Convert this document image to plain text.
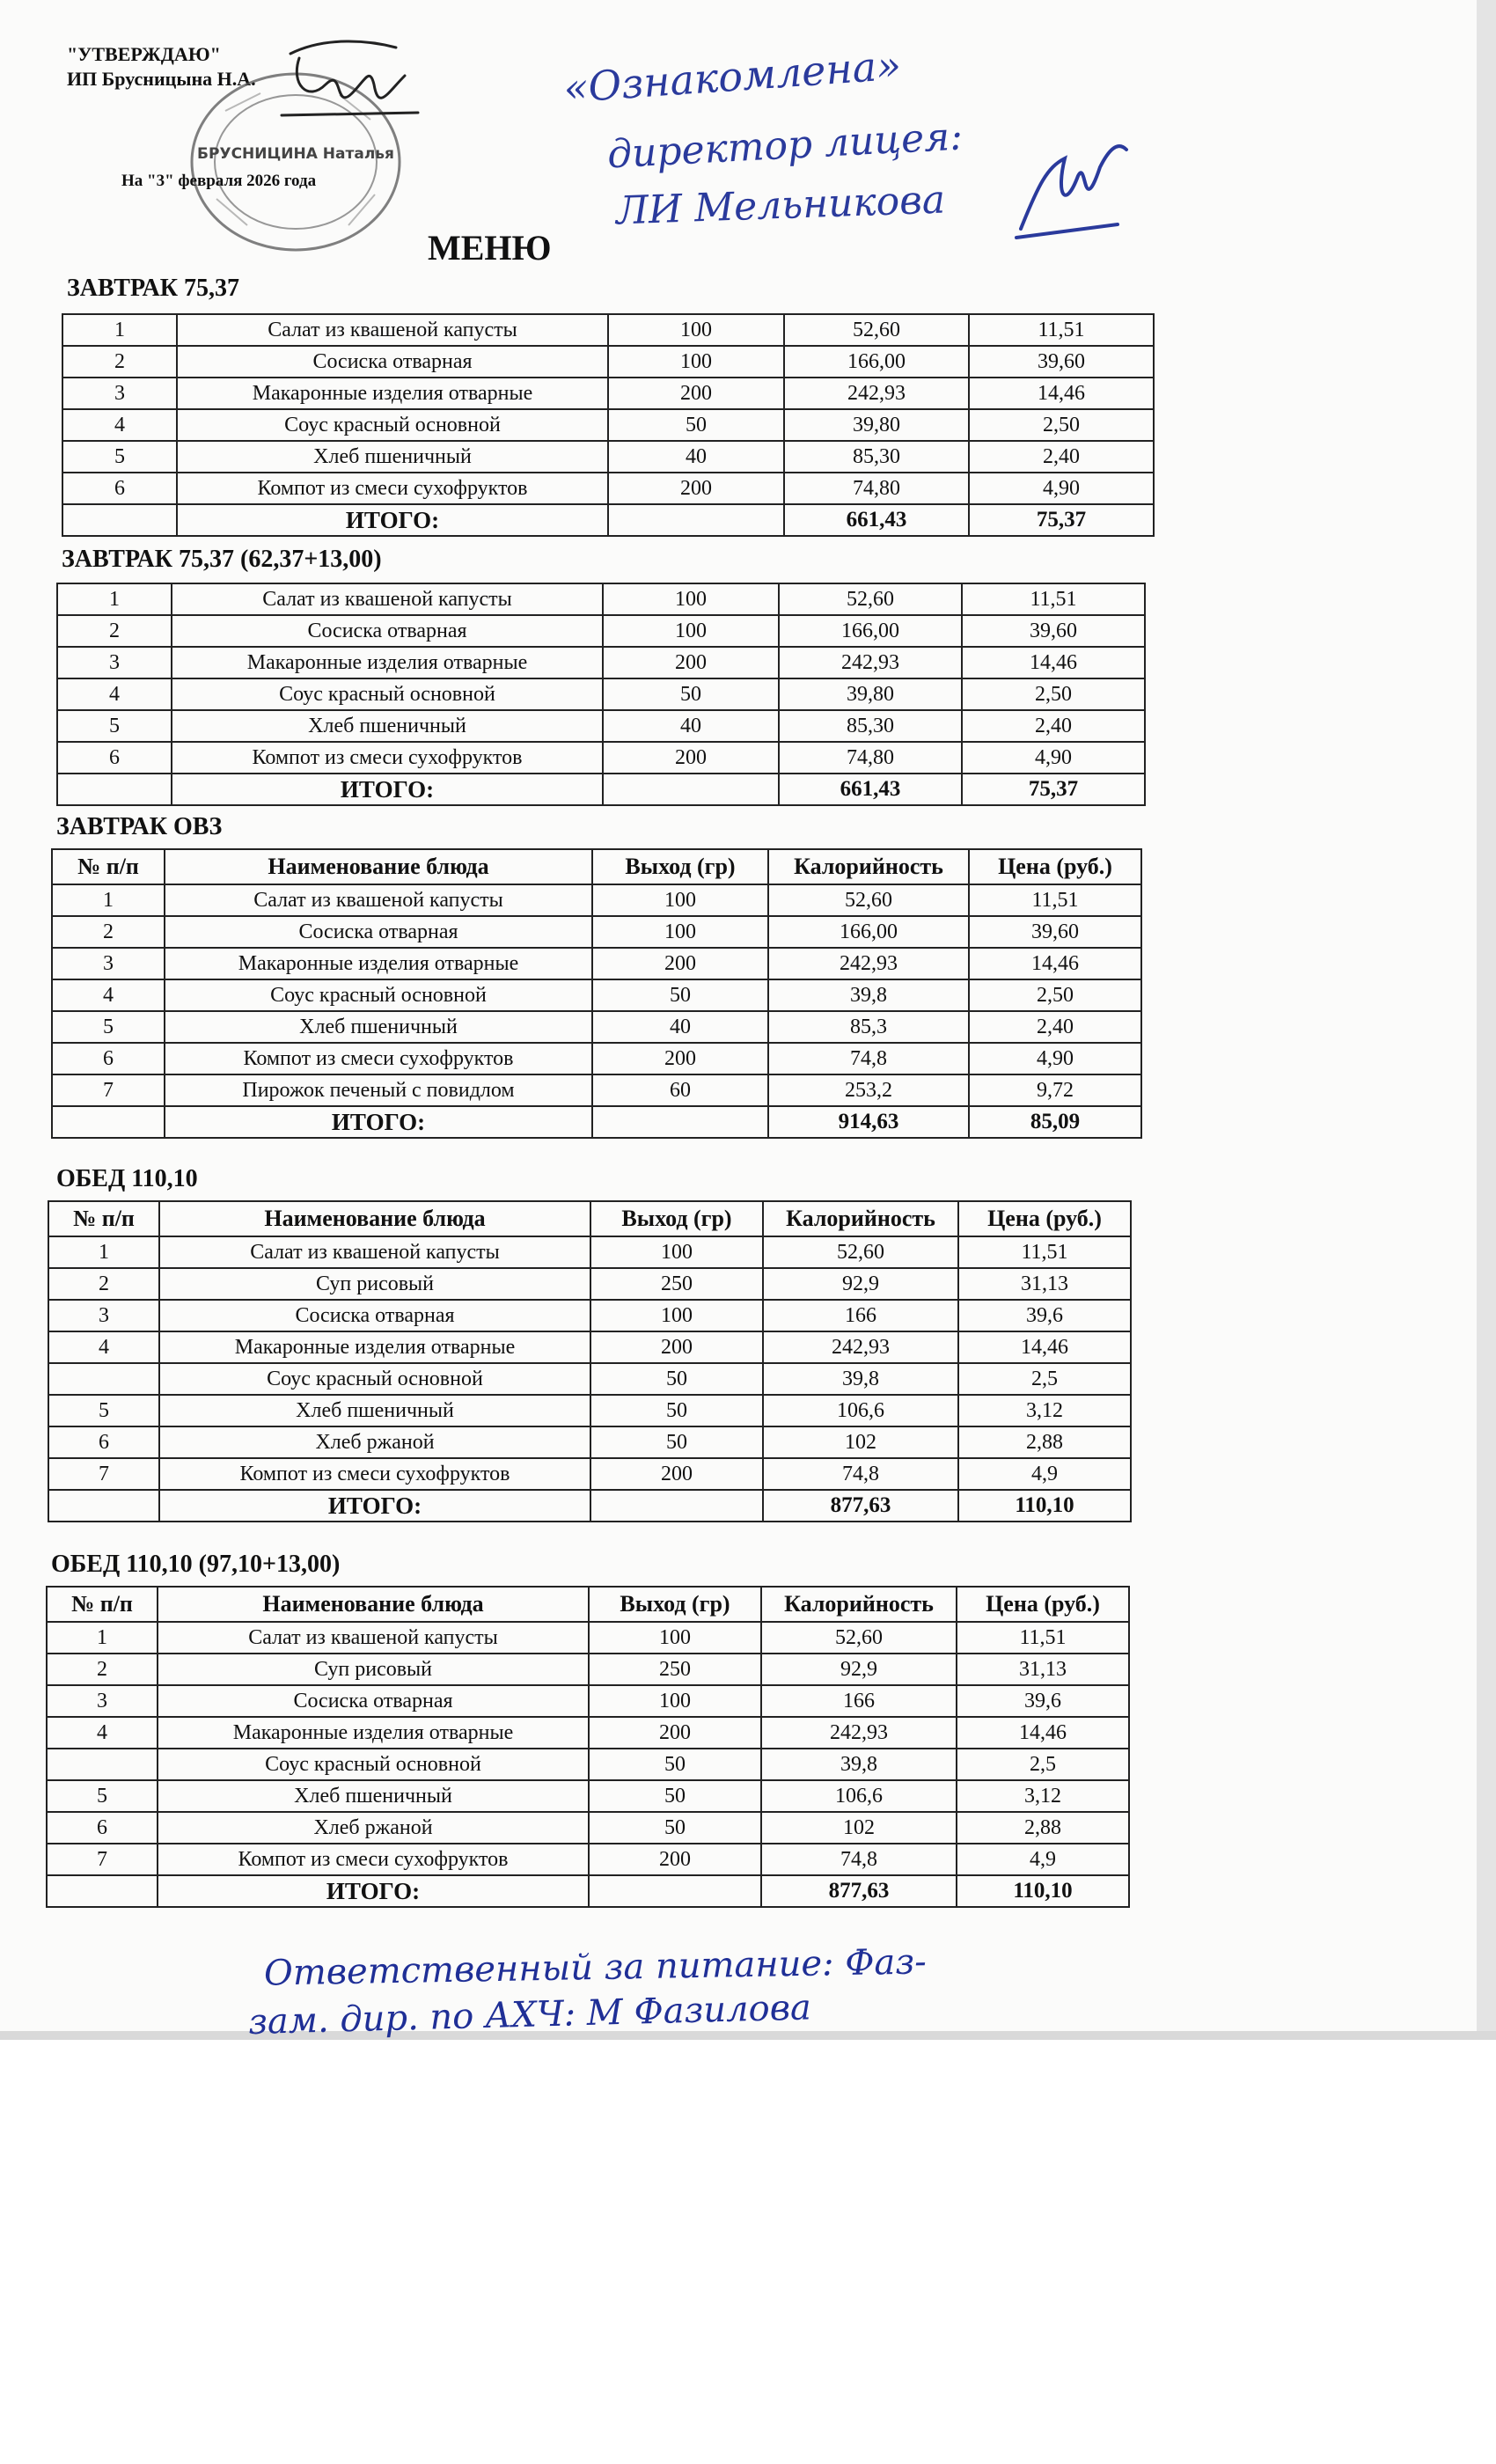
"УТВЕРЖДАЮ"
ИП Брусницына Н.А.
БРУСНИЦИНА Наталья
На "3" февраля 2026 года
«Ознакомлена»
директор лицея:
ЛИ Мельникова
МЕНЮ
ЗАВТРАК 75,37
1	Салат из квашеной капусты	100	52,60	11,51
2	Сосиска отварная	100	166,00	39,60
3	Макаронные изделия отварные	200	242,93	14,46
4	Соус красный основной	50	39,80	2,50
5	Хлеб пшеничный	40	85,30	2,40
6	Компот из смеси сухофруктов	200	74,80	4,90
	ИТОГО:		661,43	75,37
ЗАВТРАК 75,37 (62,37+13,00)
1	Салат из квашеной капусты	100	52,60	11,51
2	Сосиска отварная	100	166,00	39,60
3	Макаронные изделия отварные	200	242,93	14,46
4	Соус красный основной	50	39,80	2,50
5	Хлеб пшеничный	40	85,30	2,40
6	Компот из смеси сухофруктов	200	74,80	4,90
	ИТОГО:		661,43	75,37
ЗАВТРАК ОВЗ
№ п/п	Наименование блюда	Выход (гр)	Калорийность	Цена (руб.)
1	Салат из квашеной капусты	100	52,60	11,51
2	Сосиска отварная	100	166,00	39,60
3	Макаронные изделия отварные	200	242,93	14,46
4	Соус красный основной	50	39,8	2,50
5	Хлеб пшеничный	40	85,3	2,40
6	Компот из смеси сухофруктов	200	74,8	4,90
7	Пирожок печеный с повидлом	60	253,2	9,72
	ИТОГО:		914,63	85,09
ОБЕД 110,10
№ п/п	Наименование блюда	Выход (гр)	Калорийность	Цена (руб.)
1	Салат из квашеной капусты	100	52,60	11,51
2	Суп рисовый	250	92,9	31,13
3	Сосиска отварная	100	166	39,6
4	Макаронные изделия отварные	200	242,93	14,46
	Соус красный основной	50	39,8	2,5
5	Хлеб пшеничный	50	106,6	3,12
6	Хлеб ржаной	50	102	2,88
7	Компот из смеси сухофруктов	200	74,8	4,9
	ИТОГО:		877,63	110,10
ОБЕД 110,10 (97,10+13,00)
№ п/п	Наименование блюда	Выход (гр)	Калорийность	Цена (руб.)
1	Салат из квашеной капусты	100	52,60	11,51
2	Суп рисовый	250	92,9	31,13
3	Сосиска отварная	100	166	39,6
4	Макаронные изделия отварные	200	242,93	14,46
	Соус красный основной	50	39,8	2,5
5	Хлеб пшеничный	50	106,6	3,12
6	Хлеб ржаной	50	102	2,88
7	Компот из смеси сухофруктов	200	74,8	4,9
	ИТОГО:		877,63	110,10
Ответственный за питание: Фаз-
зам. дир. по АХЧ: М Фазилова
